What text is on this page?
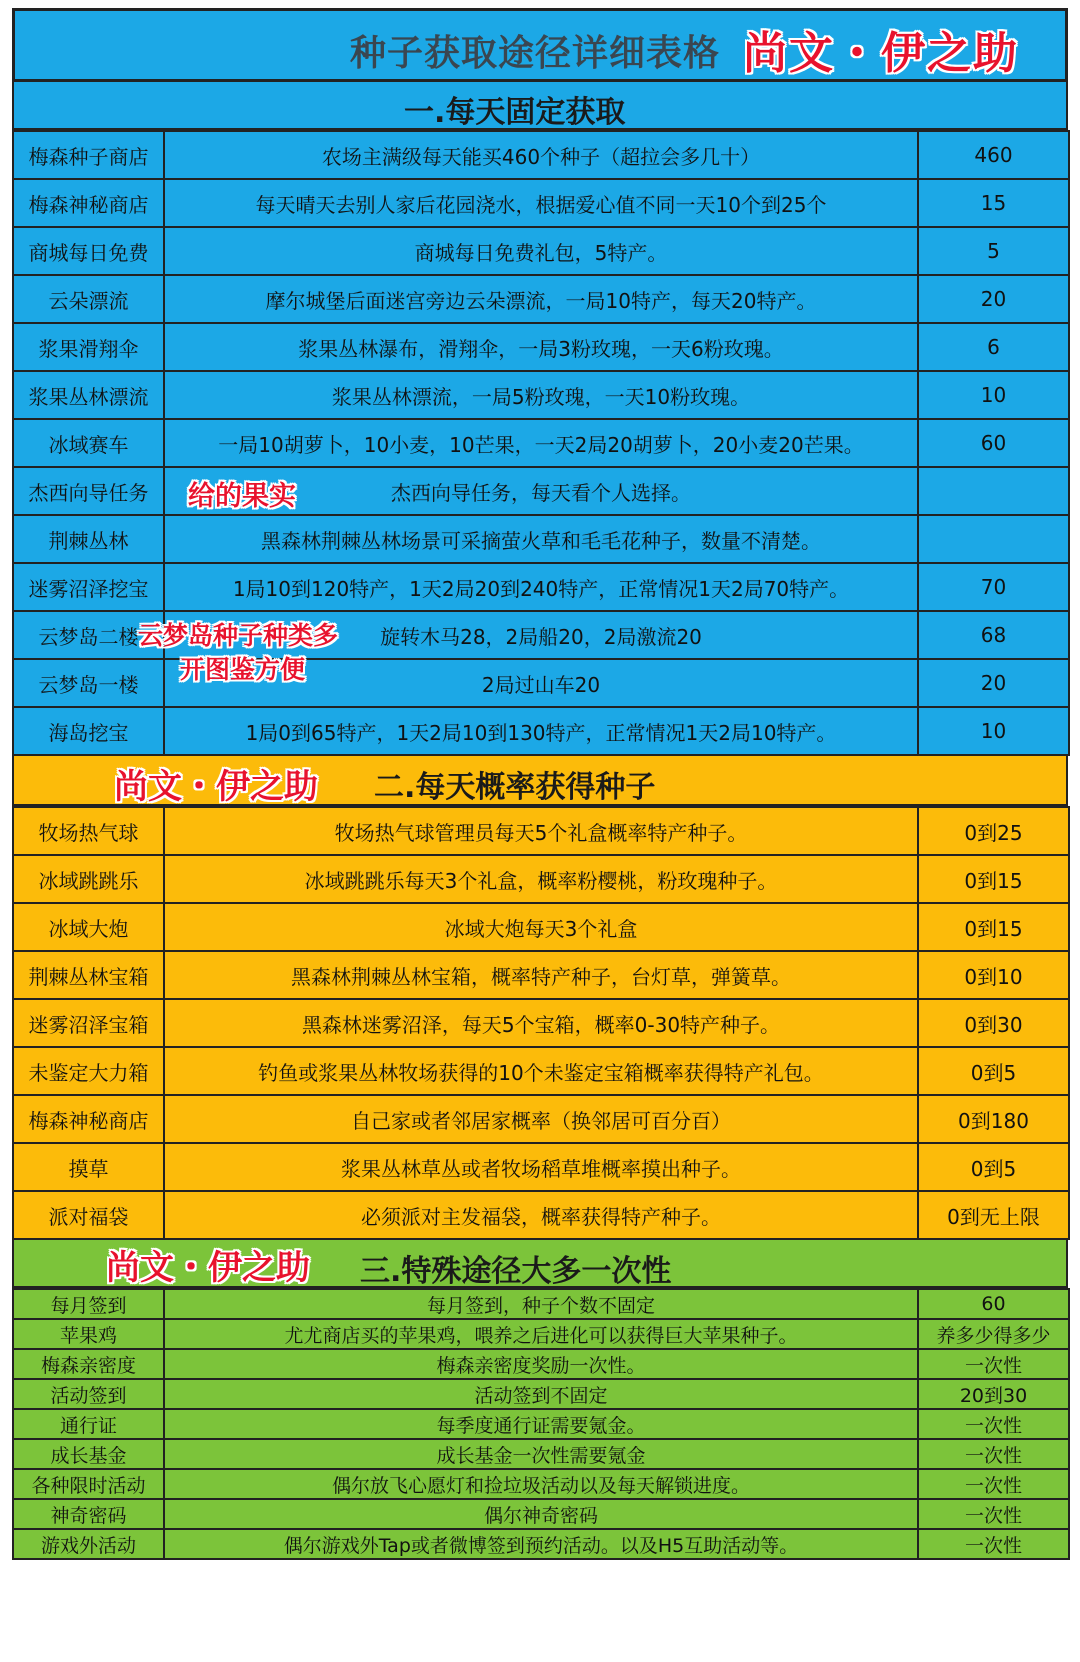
种子获取途径详细表格 尚文・伊之助
一.每天固定获取
梅森种子商店	农场主满级每天能买460个种子（超拉会多几十）	460
梅森神秘商店	每天晴天去别人家后花园浇水，根据爱心值不同一天10个到25个	15
商城每日免费	商城每日免费礼包，5特产。	5
云朵漂流	摩尔城堡后面迷宫旁边云朵漂流，一局10特产，每天20特产。	20
浆果滑翔伞	浆果丛林瀑布，滑翔伞，一局3粉玫瑰，一天6粉玫瑰。	6
浆果丛林漂流	浆果丛林漂流，一局5粉玫瑰，一天10粉玫瑰。	10
冰域赛车	一局10胡萝卜，10小麦，10芒果，一天2局20胡萝卜，20小麦20芒果。	60
杰西向导任务	杰西向导任务，每天看个人选择。	
荆棘丛林	黑森林荆棘丛林场景可采摘萤火草和毛毛花种子，数量不清楚。	
迷雾沼泽挖宝	1局10到120特产，1天2局20到240特产，正常情况1天2局70特产。	70
云梦岛二楼	旋转木马28，2局船20，2局激流20	68
云梦岛一楼	2局过山车20	20
海岛挖宝	1局0到65特产，1天2局10到130特产，正常情况1天2局10特产。	10
尚文・伊之助 二.每天概率获得种子
牧场热气球	牧场热气球管理员每天5个礼盒概率特产种子。	0到25
冰域跳跳乐	冰域跳跳乐每天3个礼盒，概率粉樱桃，粉玫瑰种子。	0到15
冰域大炮	冰域大炮每天3个礼盒	0到15
荆棘丛林宝箱	黑森林荆棘丛林宝箱，概率特产种子，台灯草，弹簧草。	0到10
迷雾沼泽宝箱	黑森林迷雾沼泽，每天5个宝箱，概率0-30特产种子。	0到30
未鉴定大力箱	钓鱼或浆果丛林牧场获得的10个未鉴定宝箱概率获得特产礼包。	0到5
梅森神秘商店	自己家或者邻居家概率（换邻居可百分百）	0到180
摸草	浆果丛林草丛或者牧场稻草堆概率摸出种子。	0到5
派对福袋	必须派对主发福袋，概率获得特产种子。	0到无上限
尚文・伊之助 三.特殊途径大多一次性
每月签到	每月签到，种子个数不固定	60
苹果鸡	尤尤商店买的苹果鸡，喂养之后进化可以获得巨大苹果种子。	养多少得多少
梅森亲密度	梅森亲密度奖励一次性。	一次性
活动签到	活动签到不固定	20到30
通行证	每季度通行证需要氪金。	一次性
成长基金	成长基金一次性需要氪金	一次性
各种限时活动	偶尔放飞心愿灯和捡垃圾活动以及每天解锁进度。	一次性
神奇密码	偶尔神奇密码	一次性
游戏外活动	偶尔游戏外Tap或者微博签到预约活动。以及H5互助活动等。	一次性
给的果实
云梦岛种子种类多
开图鉴方便
